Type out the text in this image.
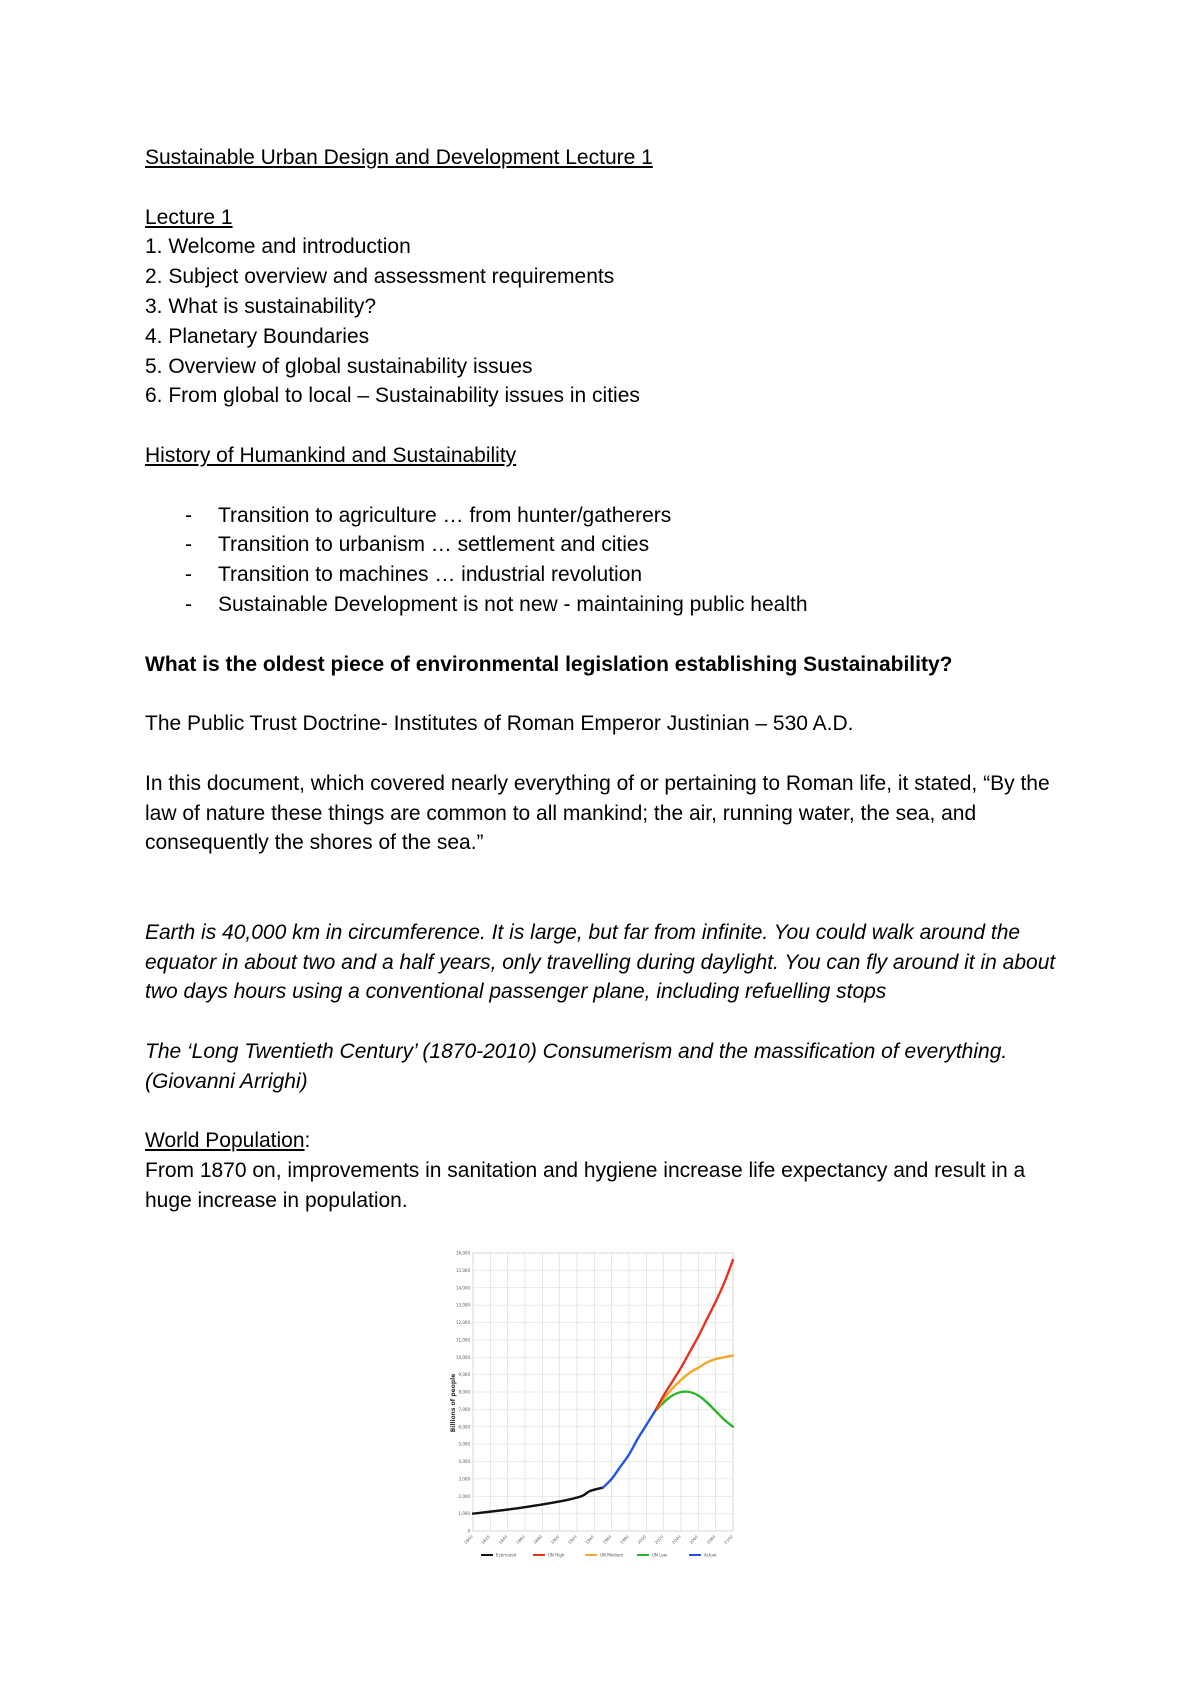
Sustainable Urban Design and Development Lecture 1

Lecture 1

1. Welcome and introduction
2. Subject overview and assessment requirements
3. What is sustainability?
4. Planetary Boundaries
5. Overview of global sustainability issues
6. From global to local – Sustainability issues in cities

History of Humankind and Sustainability

- Transition to agriculture … from hunter/gatherers
- Transition to urbanism … settlement and cities
- Transition to machines … industrial revolution
- Sustainable Development is not new - maintaining public health

What is the oldest piece of environmental legislation establishing Sustainability?

The Public Trust Doctrine- Institutes of Roman Emperor Justinian – 530 A.D.

In this document, which covered nearly everything of or pertaining to Roman life, it stated, “By the law of nature these things are common to all mankind; the air, running water, the sea, and consequently the shores of the sea.”

Earth is 40,000 km in circumference. It is large, but far from infinite. You could walk around the equator in about two and a half years, only travelling during daylight. You can fly around it in about two days hours using a conventional passenger plane, including refuelling stops

The ‘Long Twentieth Century’ (1870-2010) Consumerism and the massification of everything. (Giovanni Arrighi)

World Population:

From 1870 on, improvements in sanitation and hygiene increase life expectancy and result in a huge increase in population.

0
1,000
2,000
3,000
4,000
5,000
6,000
7,000
8,000
9,000
10,000
11,000
12,000
13,000
14,000
15,000
16,000
1800 1820 1840 1860 1880 1900 1920 1940 1960 1980 2000 2020 2040 2060 2080 2100
Billions of people
Estimated	UN High	UN Medium	UN Low	Actual
